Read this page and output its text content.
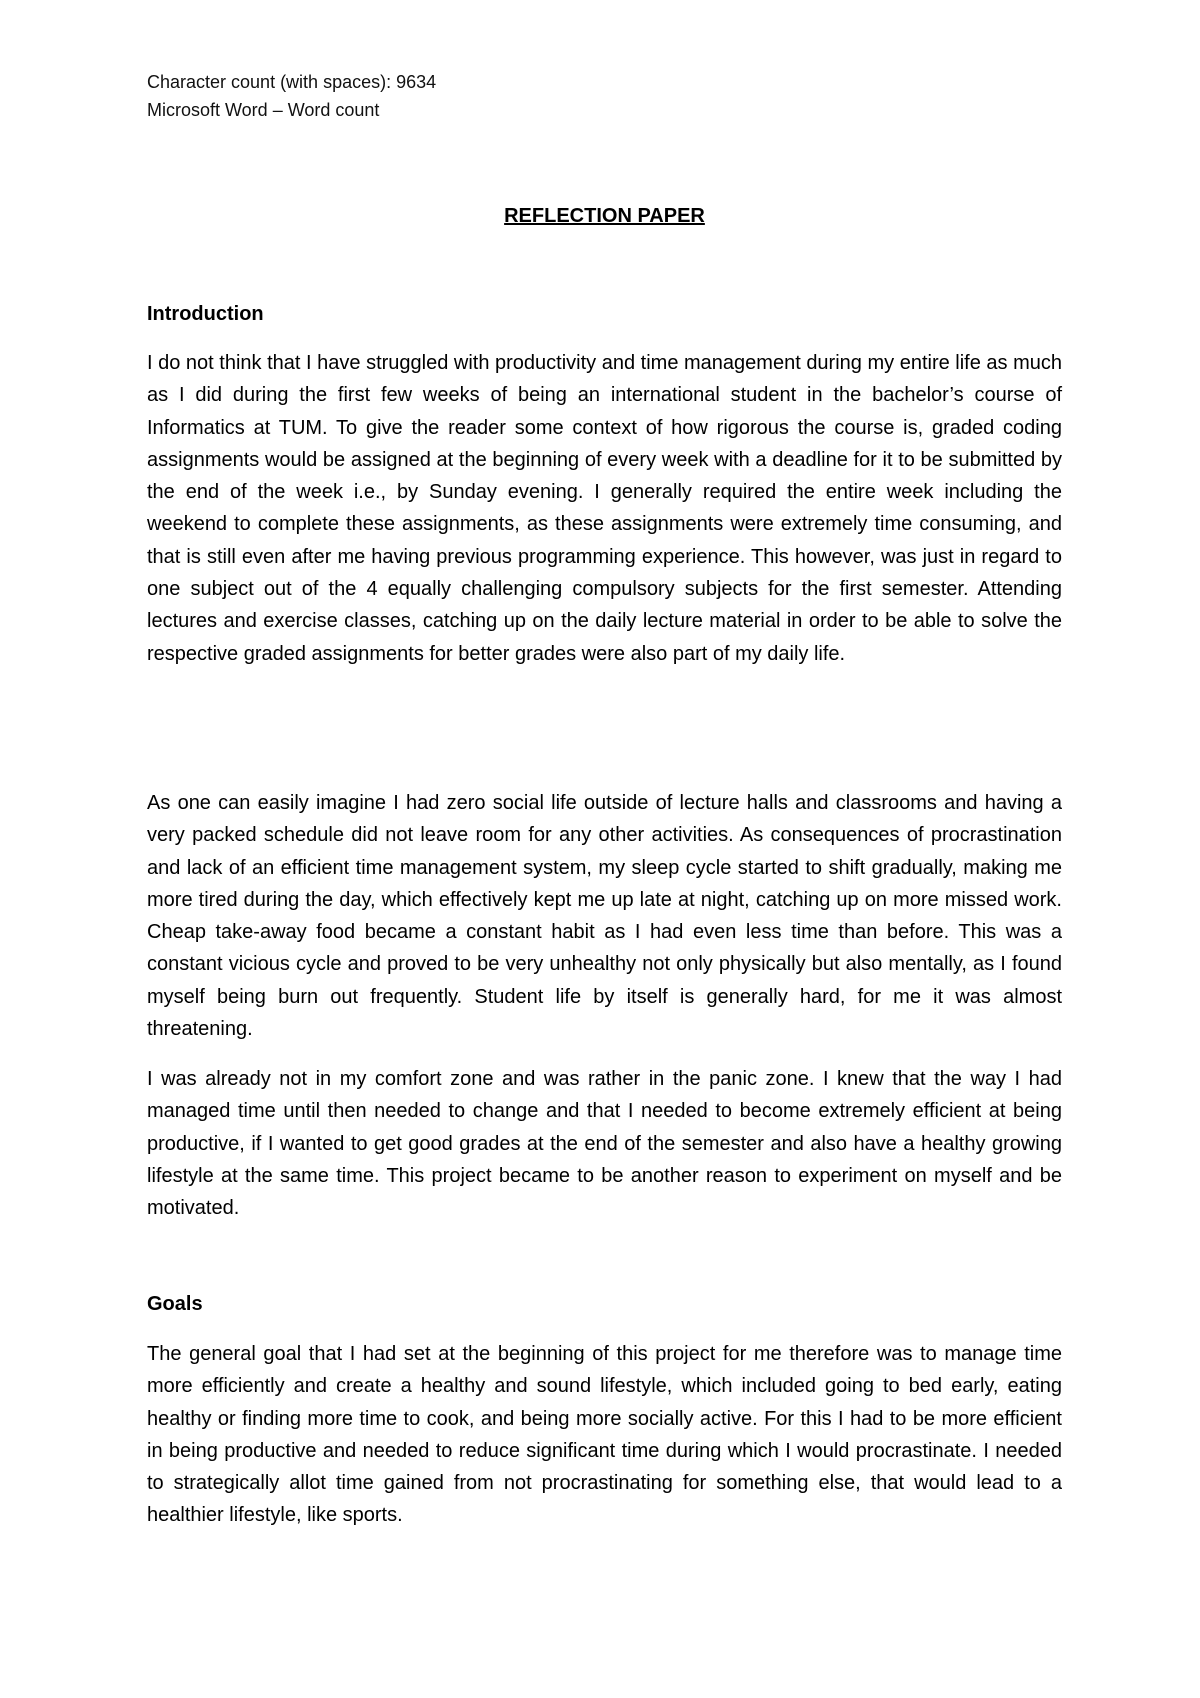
Character count (with spaces): 9634

Microsoft Word – Word count

REFLECTION PAPER
Introduction

I do not think that I have struggled with productivity and time management during my entire life as much as I did during the first few weeks of being an international student in the bachelor’s course of Informatics at TUM. To give the reader some context of how rigorous the course is, graded coding assignments would be assigned at the beginning of every week with a deadline for it to be submitted by the end of the week i.e., by Sunday evening. I generally required the entire week including the weekend to complete these assignments, as these assignments were extremely time consuming, and that is still even after me having previous programming experience. This however, was just in regard to one subject out of the 4 equally challenging compulsory subjects for the first semester. Attending lectures and exercise classes, catching up on the daily lecture material in order to be able to solve the respective graded assignments for better grades were also part of my daily life.

As one can easily imagine I had zero social life outside of lecture halls and classrooms and having a very packed schedule did not leave room for any other activities. As consequences of procrastination and lack of an efficient time management system, my sleep cycle started to shift gradually, making me more tired during the day, which effectively kept me up late at night, catching up on more missed work. Cheap take-away food became a constant habit as I had even less time than before. This was a constant vicious cycle and proved to be very unhealthy not only physically but also mentally, as I found myself being burn out frequently. Student life by itself is generally hard, for me it was almost threatening.

I was already not in my comfort zone and was rather in the panic zone. I knew that the way I had managed time until then needed to change and that I needed to become extremely efficient at being productive, if I wanted to get good grades at the end of the semester and also have a healthy growing lifestyle at the same time. This project became to be another reason to experiment on myself and be motivated.

Goals

The general goal that I had set at the beginning of this project for me therefore was to manage time more efficiently and create a healthy and sound lifestyle, which included going to bed early, eating healthy or finding more time to cook, and being more socially active. For this I had to be more efficient in being productive and needed to reduce significant time during which I would procrastinate. I needed to strategically allot time gained from not procrastinating for something else, that would lead to a healthier lifestyle, like sports.
